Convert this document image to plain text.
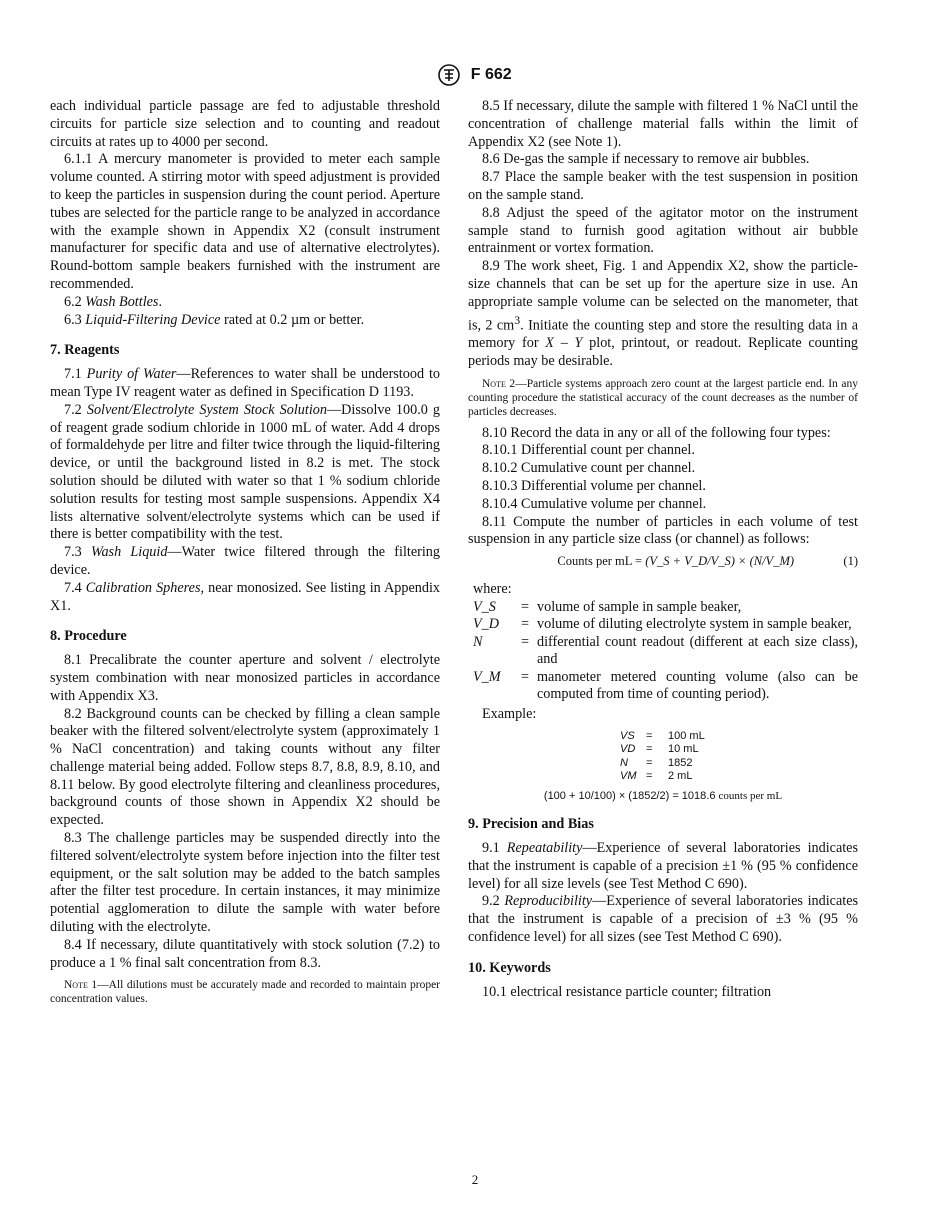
F 662

each individual particle passage are fed to adjustable threshold circuits for particle size selection and to counting and readout circuits at rates up to 4000 per second.

6.1.1 A mercury manometer is provided to meter each sample volume counted. A stirring motor with speed adjustment is provided to keep the particles in suspension during the count period. Aperture tubes are selected for the particle range to be analyzed in accordance with the example shown in Appendix X2 (consult instrument manufacturer for specific data and use of alternative electrolytes). Round-bottom sample beakers furnished with the instrument are recommended.

6.2 Wash Bottles.

6.3 Liquid-Filtering Device rated at 0.2 µm or better.

7. Reagents

7.1 Purity of Water—References to water shall be understood to mean Type IV reagent water as defined in Specification D 1193.

7.2 Solvent/Electrolyte System Stock Solution—Dissolve 100.0 g of reagent grade sodium chloride in 1000 mL of water. Add 4 drops of formaldehyde per litre and filter twice through the liquid-filtering device, or until the background listed in 8.2 is met. The stock solution should be diluted with water so that 1 % sodium chloride solution results for testing most sample suspensions. Appendix X4 lists alternative solvent/electrolyte systems which can be used if there is better compatibility with the test.

7.3 Wash Liquid—Water twice filtered through the filtering device.

7.4 Calibration Spheres, near monosized. See listing in Appendix X1.

8. Procedure

8.1 Precalibrate the counter aperture and solvent / electrolyte system combination with near monosized particles in accordance with Appendix X3.

8.2 Background counts can be checked by filling a clean sample beaker with the filtered solvent/electrolyte system (approximately 1 % NaCl concentration) and taking counts without any filter challenge material being added. Follow steps 8.7, 8.8, 8.9, 8.10, and 8.11 below. By good electrolyte filtering and cleanliness procedures, background counts of those shown in Appendix X2 should be expected.

8.3 The challenge particles may be suspended directly into the filtered solvent/electrolyte system before injection into the filter test equipment, or the salt solution may be added to the batch samples after the filter test procedure. In certain instances, it may minimize potential agglomeration to dilute the sample with water before diluting with the electrolyte.

8.4 If necessary, dilute quantitatively with stock solution (7.2) to produce a 1 % final salt concentration from 8.3.

Note 1—All dilutions must be accurately made and recorded to maintain proper concentration values.

8.5 If necessary, dilute the sample with filtered 1 % NaCl until the concentration of challenge material falls within the limit of Appendix X2 (see Note 1).

8.6 De-gas the sample if necessary to remove air bubbles.

8.7 Place the sample beaker with the test suspension in position on the sample stand.

8.8 Adjust the speed of the agitator motor on the instrument sample stand to furnish good agitation without air bubble entrainment or vortex formation.

8.9 The work sheet, Fig. 1 and Appendix X2, show the particle-size channels that can be set up for the aperture size in use. An appropriate sample volume can be selected on the manometer, that is, 2 $cm^3$. Initiate the counting step and store the resulting data in a memory for X – Y plot, printout, or readout. Replicate counting periods may be desirable.

Note 2—Particle systems approach zero count at the largest particle end. In any counting procedure the statistical accuracy of the count decreases as the number of particles decreases.

8.10 Record the data in any or all of the following four types:

8.10.1 Differential count per channel.

8.10.2 Cumulative count per channel.

8.10.3 Differential volume per channel.

8.10.4 Cumulative volume per channel.

8.11 Compute the number of particles in each volume of test suspension in any particle size class (or channel) as follows:

Counts per mL = (V_S + V_D/V_S) × (N/V_M)	(1)
where:
V_S	= volume of sample in sample beaker,
V_D	= volume of diluting electrolyte system in sample beaker,
N	= differential count readout (different at each size class), and
V_M	= manometer metered counting volume (also can be computed from time of counting period).
Example:
VS	=	100 mL
VD =	10 mL
N	=	1852
VM =	2 mL
(100 + 10/100) × (1852/2) = 1018.6 counts per mL
9. Precision and Bias

9.1 Repeatability—Experience of several laboratories indicates that the instrument is capable of a precision ±1 % (95 % confidence level) for all size levels (see Test Method C 690).

9.2 Reproducibility—Experience of several laboratories indicates that the instrument is capable of a precision of ±3 % (95 % confidence level) for all sizes (see Test Method C 690).

10. Keywords

10.1 electrical resistance particle counter; filtration

2
